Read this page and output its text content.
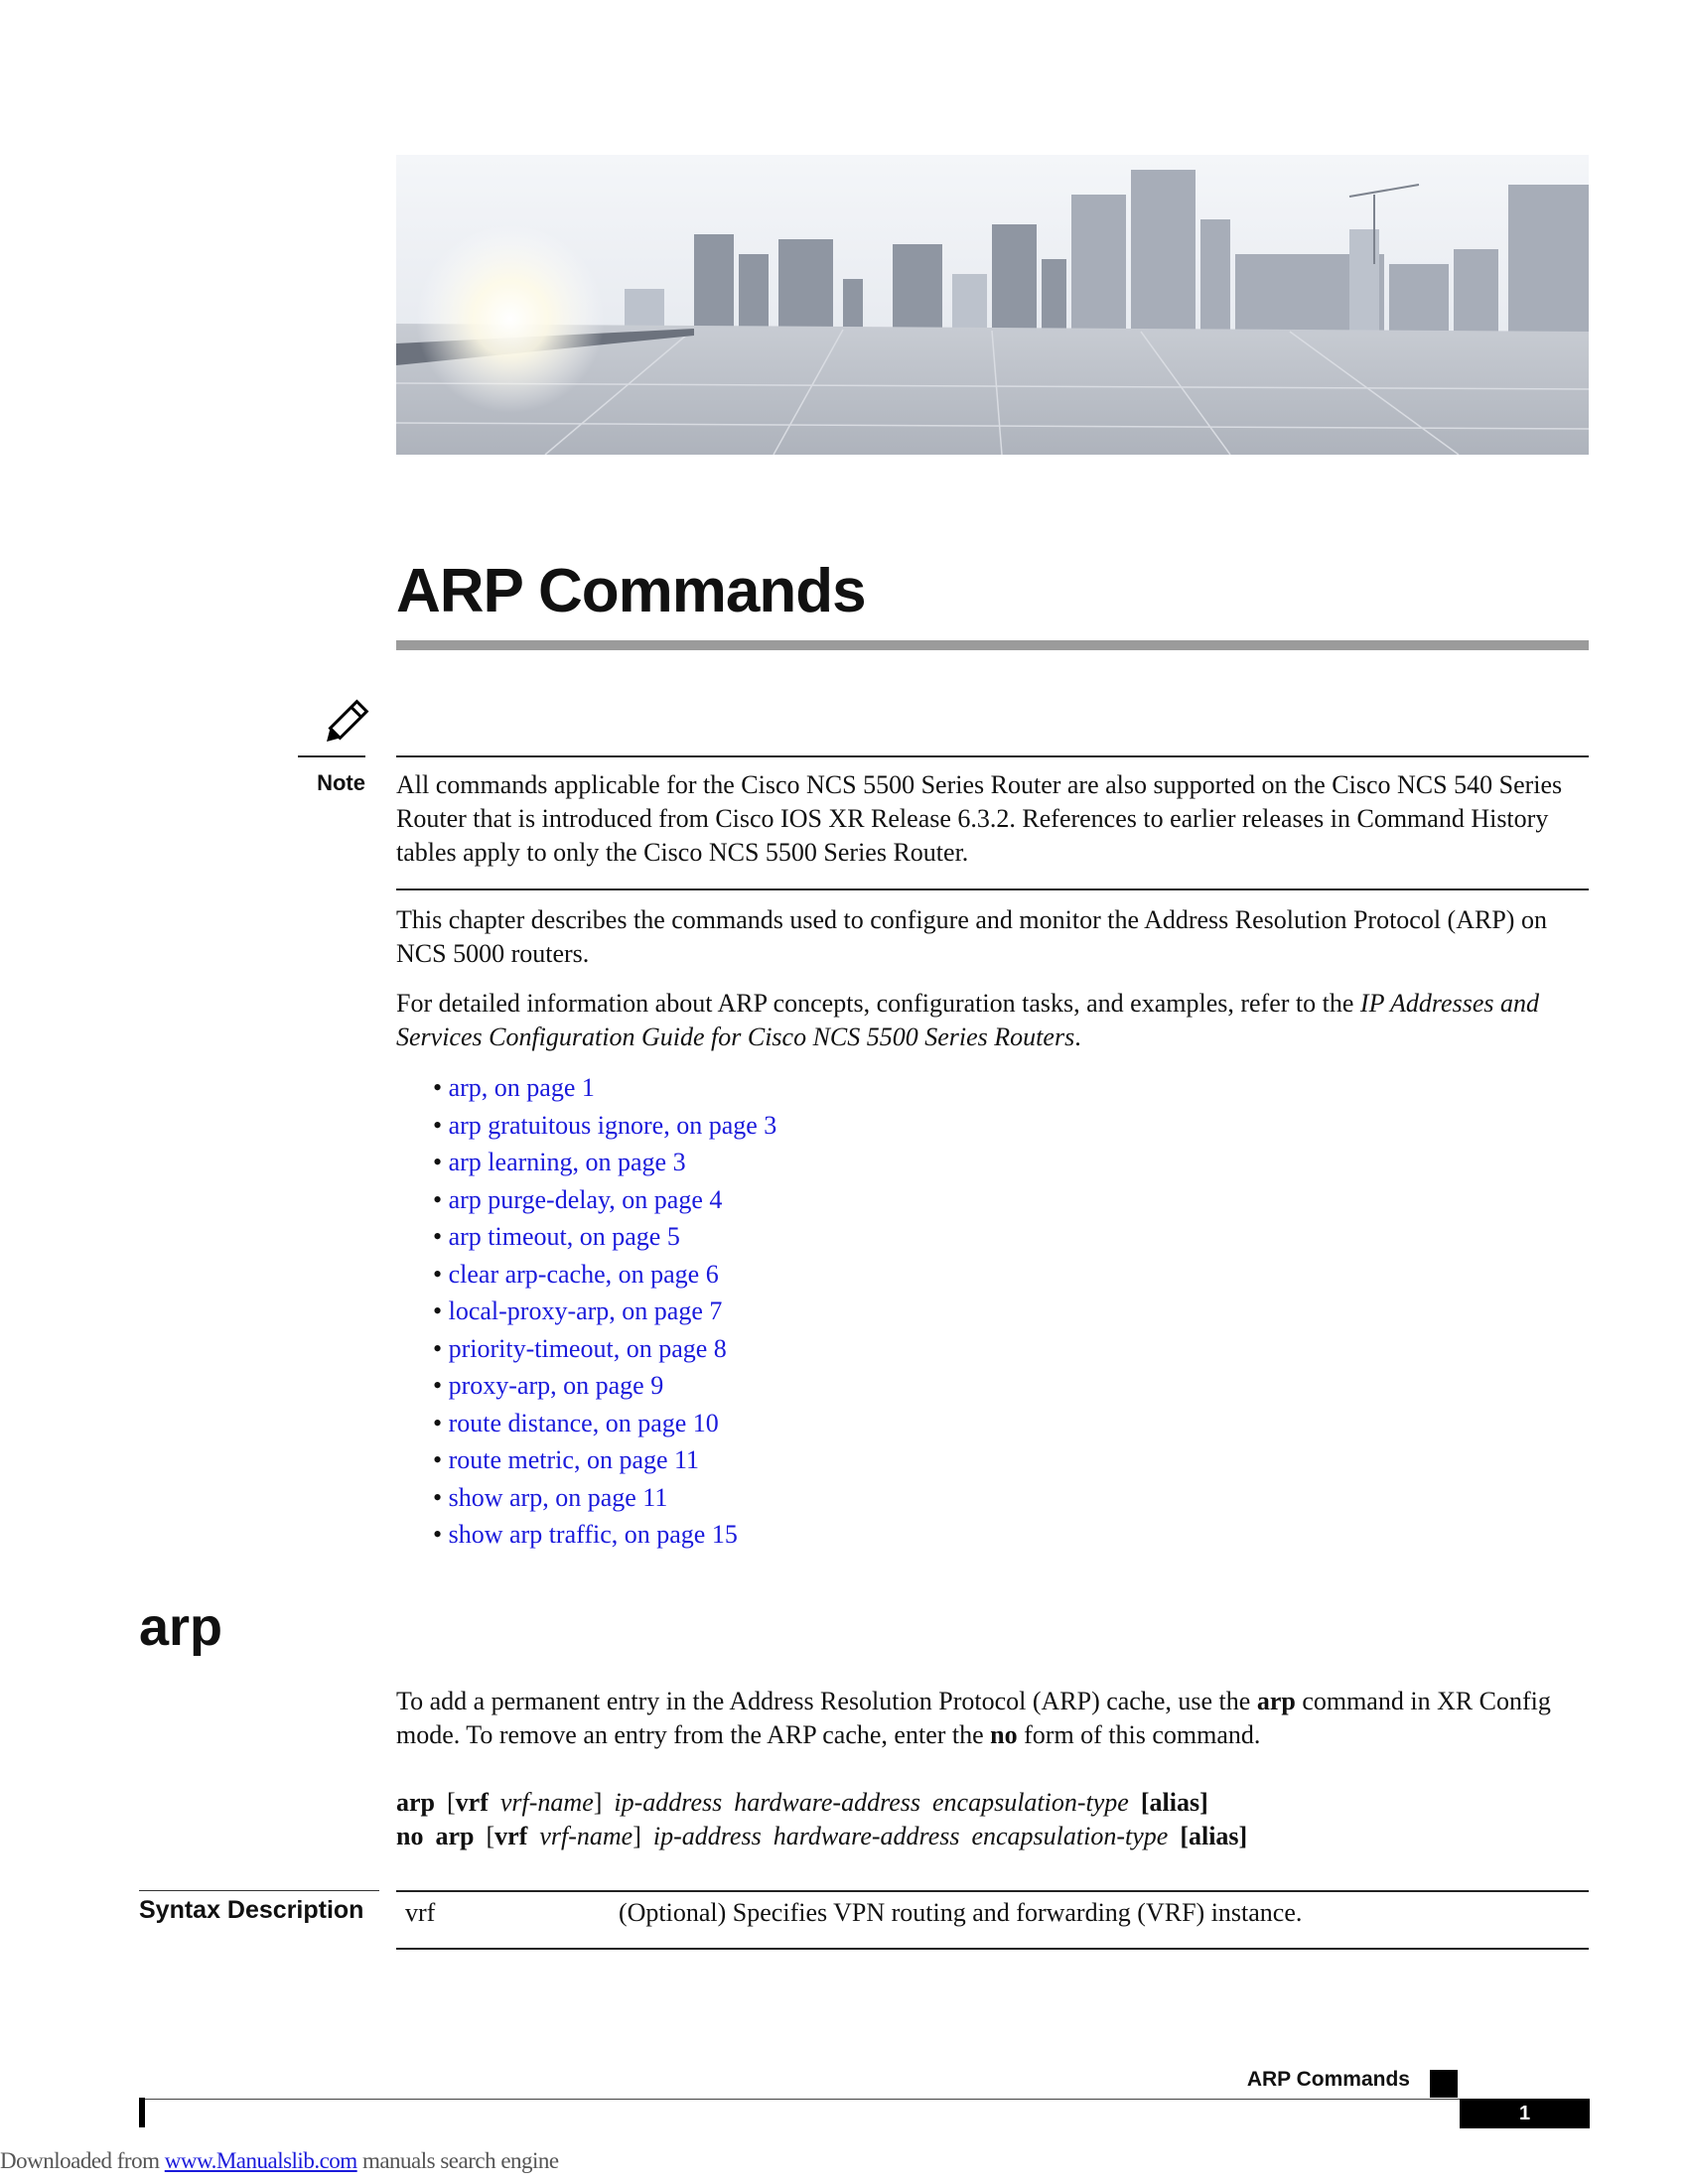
ARP Commands
Note All commands applicable for the Cisco NCS 5500 Series Router are also supported on the Cisco NCS 540 Series Router that is introduced from Cisco IOS XR Release 6.3.2. References to earlier releases in Command History tables apply to only the Cisco NCS 5500 Series Router.
This chapter describes the commands used to configure and monitor the Address Resolution Protocol (ARP) on NCS 5000 routers.
For detailed information about ARP concepts, configuration tasks, and examples, refer to the IP Addresses and Services Configuration Guide for Cisco NCS 5500 Series Routers.
• arp, on page 1
• arp gratuitous ignore, on page 3
• arp learning, on page 3
• arp purge-delay, on page 4
• arp timeout, on page 5
• clear arp-cache, on page 6
• local-proxy-arp, on page 7
• priority-timeout, on page 8
• proxy-arp, on page 9
• route distance, on page 10
• route metric, on page 11
• show arp, on page 11
• show arp traffic, on page 15
arp
To add a permanent entry in the Address Resolution Protocol (ARP) cache, use the arp command in XR Config mode. To remove an entry from the ARP cache, enter the no form of this command.
arp [vrf vrf-name] ip-address hardware-address encapsulation-type [alias]
no arp [vrf vrf-name] ip-address hardware-address encapsulation-type [alias]
Syntax Description vrf	(Optional) Specifies VPN routing and forwarding (VRF) instance.
ARP Commands
1
Downloaded from www.Manualslib.com manuals search engine
